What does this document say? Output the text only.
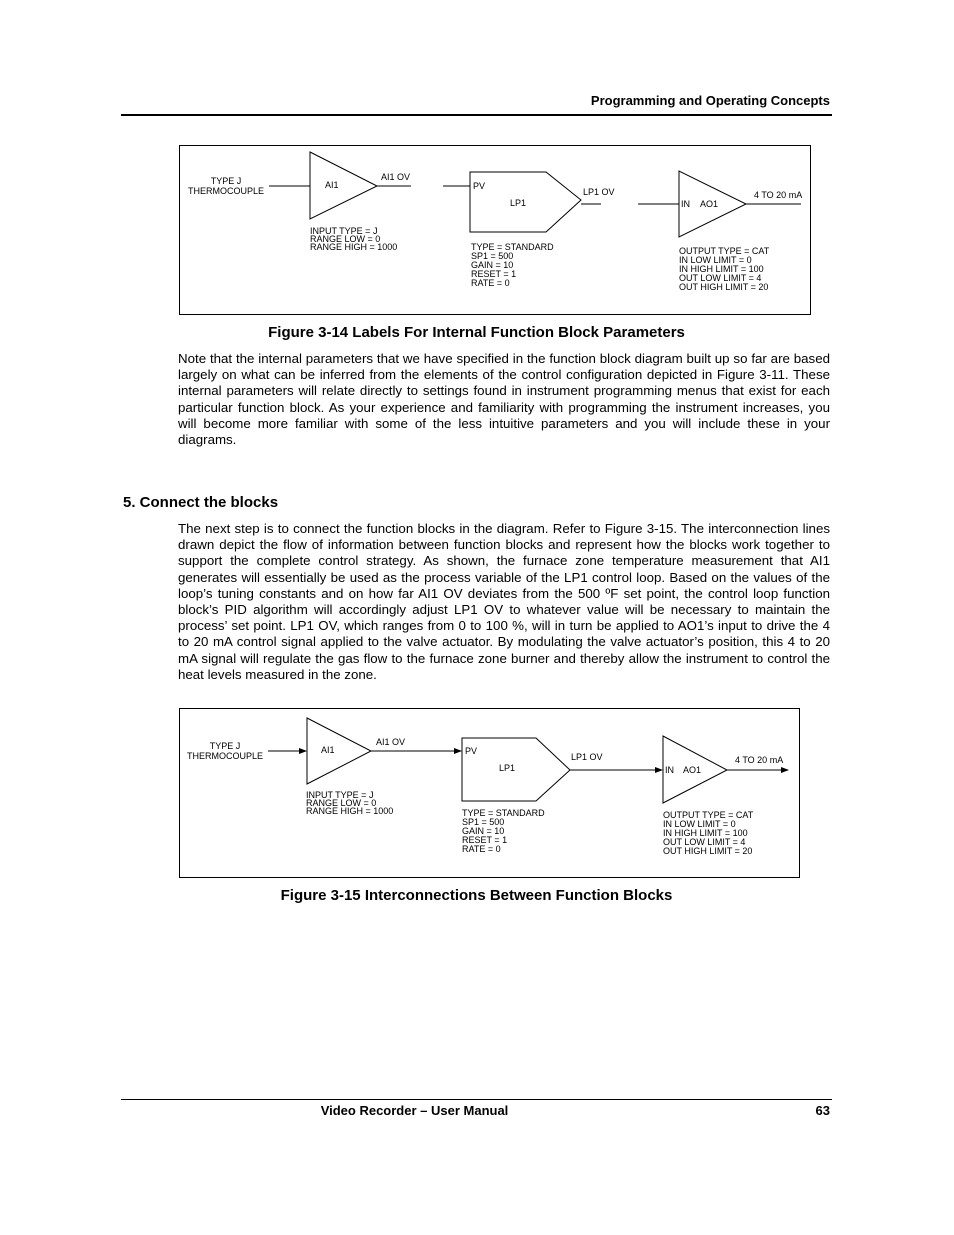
Programming and Operating Concepts
TYPE J
THERMOCOUPLE
AI1
AI1 OV
INPUT TYPE = J
RANGE LOW = 0
RANGE HIGH = 1000
PV
LP1
LP1 OV
TYPE = STANDARD
SP1 = 500
GAIN = 10
RESET = 1
RATE = 0
IN AO1
4 TO 20 mA
OUTPUT TYPE = CAT
IN LOW LIMIT = 0
IN HIGH LIMIT = 100
OUT LOW LIMIT = 4
OUT HIGH LIMIT = 20
Figure 3-14 Labels For Internal Function Block Parameters

Note that the internal parameters that we have specified in the function block diagram built up so far are based largely on what can be inferred from the elements of the control configuration depicted in Figure 3-11. These internal parameters will relate directly to settings found in instrument programming menus that exist for each particular function block. As your experience and familiarity with programming the instrument increases, you will become more familiar with some of the less intuitive parameters and you will include these in your diagrams.

5. Connect the blocks

The next step is to connect the function blocks in the diagram. Refer to Figure 3-15. The interconnection lines drawn depict the flow of information between function blocks and represent how the blocks work together to support the complete control strategy. As shown, the furnace zone temperature measurement that AI1 generates will essentially be used as the process variable of the LP1 control loop. Based on the values of the loop’s tuning constants and on how far AI1 OV deviates from the 500 ºF set point, the control loop function block’s PID algorithm will accordingly adjust LP1 OV to whatever value will be necessary to maintain the process’ set point. LP1 OV, which ranges from 0 to 100 %, will in turn be applied to AO1’s input to drive the 4 to 20 mA control signal applied to the valve actuator. By modulating the valve actuator’s position, this 4 to 20 mA signal will regulate the gas flow to the furnace zone burner and thereby allow the instrument to control the heat levels measured in the zone.

TYPE J
THERMOCOUPLE
AI1
AI1 OV
INPUT TYPE = J
RANGE LOW = 0
RANGE HIGH = 1000
PV
LP1
LP1 OV
TYPE = STANDARD
SP1 = 500
GAIN = 10
RESET = 1
RATE = 0
IN AO1
4 TO 20 mA
OUTPUT TYPE = CAT
IN LOW LIMIT = 0
IN HIGH LIMIT = 100
OUT LOW LIMIT = 4
OUT HIGH LIMIT = 20
Figure 3-15 Interconnections Between Function Blocks
Video Recorder – User Manual	63
